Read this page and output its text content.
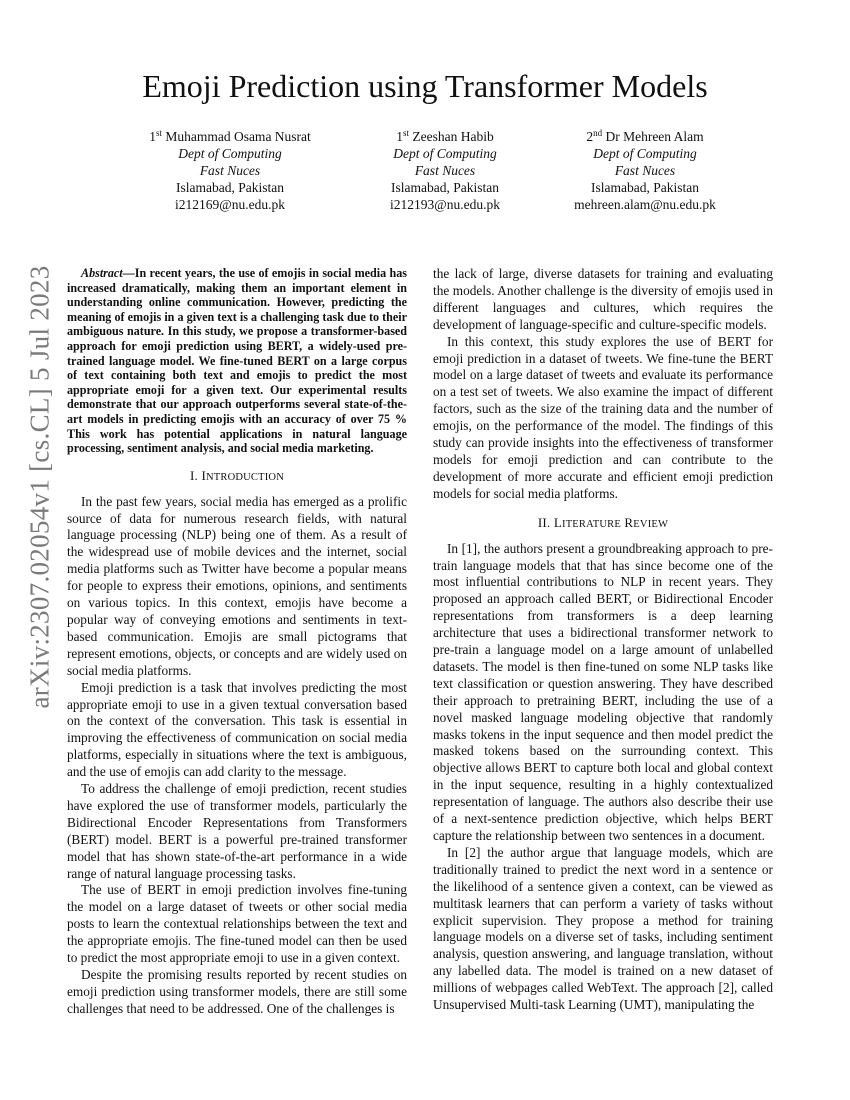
arXiv:2307.02054v1 [cs.CL] 5 Jul 2023
Emoji Prediction using Transformer Models
1st Muhammad Osama Nusrat
Dept of Computing
Fast Nuces
Islamabad, Pakistan
i212169@nu.edu.pk
1st Zeeshan Habib
Dept of Computing
Fast Nuces
Islamabad, Pakistan
i212193@nu.edu.pk
2nd Dr Mehreen Alam
Dept of Computing
Fast Nuces
Islamabad, Pakistan
mehreen.alam@nu.edu.pk

Abstract—In recent years, the use of emojis in social media has increased dramatically, making them an important element in understanding online communication. However, predicting the meaning of emojis in a given text is a challenging task due to their ambiguous nature. In this study, we propose a transformer-based approach for emoji prediction using BERT, a widely-used pre-trained language model. We fine-tuned BERT on a large corpus of text containing both text and emojis to predict the most appropriate emoji for a given text. Our experimental results demonstrate that our approach outperforms several state-of-the-art models in predicting emojis with an accuracy of over 75 % This work has potential applications in natural language processing, sentiment analysis, and social media marketing.

I. INTRODUCTION

In the past few years, social media has emerged as a prolific source of data for numerous research fields, with natural language processing (NLP) being one of them. As a result of the widespread use of mobile devices and the internet, social media platforms such as Twitter have become a popular means for people to express their emotions, opinions, and sentiments on various topics. In this context, emojis have become a popular way of conveying emotions and sentiments in text-based communication. Emojis are small pictograms that represent emotions, objects, or concepts and are widely used on social media platforms.

Emoji prediction is a task that involves predicting the most appropriate emoji to use in a given textual conversation based on the context of the conversation. This task is essential in improving the effectiveness of communication on social media platforms, especially in situations where the text is ambiguous, and the use of emojis can add clarity to the message.

To address the challenge of emoji prediction, recent studies have explored the use of transformer models, particularly the Bidirectional Encoder Representations from Transformers (BERT) model. BERT is a powerful pre-trained transformer model that has shown state-of-the-art performance in a wide range of natural language processing tasks.

The use of BERT in emoji prediction involves fine-tuning the model on a large dataset of tweets or other social media posts to learn the contextual relationships between the text and the appropriate emojis. The fine-tuned model can then be used to predict the most appropriate emoji to use in a given context.

Despite the promising results reported by recent studies on emoji prediction using transformer models, there are still some challenges that need to be addressed. One of the challenges is

the lack of large, diverse datasets for training and evaluating the models. Another challenge is the diversity of emojis used in different languages and cultures, which requires the development of language-specific and culture-specific models.

In this context, this study explores the use of BERT for emoji prediction in a dataset of tweets. We fine-tune the BERT model on a large dataset of tweets and evaluate its performance on a test set of tweets. We also examine the impact of different factors, such as the size of the training data and the number of emojis, on the performance of the model. The findings of this study can provide insights into the effectiveness of transformer models for emoji prediction and can contribute to the development of more accurate and efficient emoji prediction models for social media platforms.

II. LITERATURE REVIEW

In [1], the authors present a groundbreaking approach to pre-train language models that that has since become one of the most influential contributions to NLP in recent years. They proposed an approach called BERT, or Bidirectional Encoder representations from transformers is a deep learning architecture that uses a bidirectional transformer network to pre-train a language model on a large amount of unlabelled datasets. The model is then fine-tuned on some NLP tasks like text classification or question answering. They have described their approach to pretraining BERT, including the use of a novel masked language modeling objective that randomly masks tokens in the input sequence and then model predict the masked tokens based on the surrounding context. This objective allows BERT to capture both local and global context in the input sequence, resulting in a highly contextualized representation of language. The authors also describe their use of a next-sentence prediction objective, which helps BERT capture the relationship between two sentences in a document.

In [2] the author argue that language models, which are traditionally trained to predict the next word in a sentence or the likelihood of a sentence given a context, can be viewed as multitask learners that can perform a variety of tasks without explicit supervision. They propose a method for training language models on a diverse set of tasks, including sentiment analysis, question answering, and language translation, without any labelled data. The model is trained on a new dataset of millions of webpages called WebText. The approach [2], called Unsupervised Multi-task Learning (UMT), manipulating the
